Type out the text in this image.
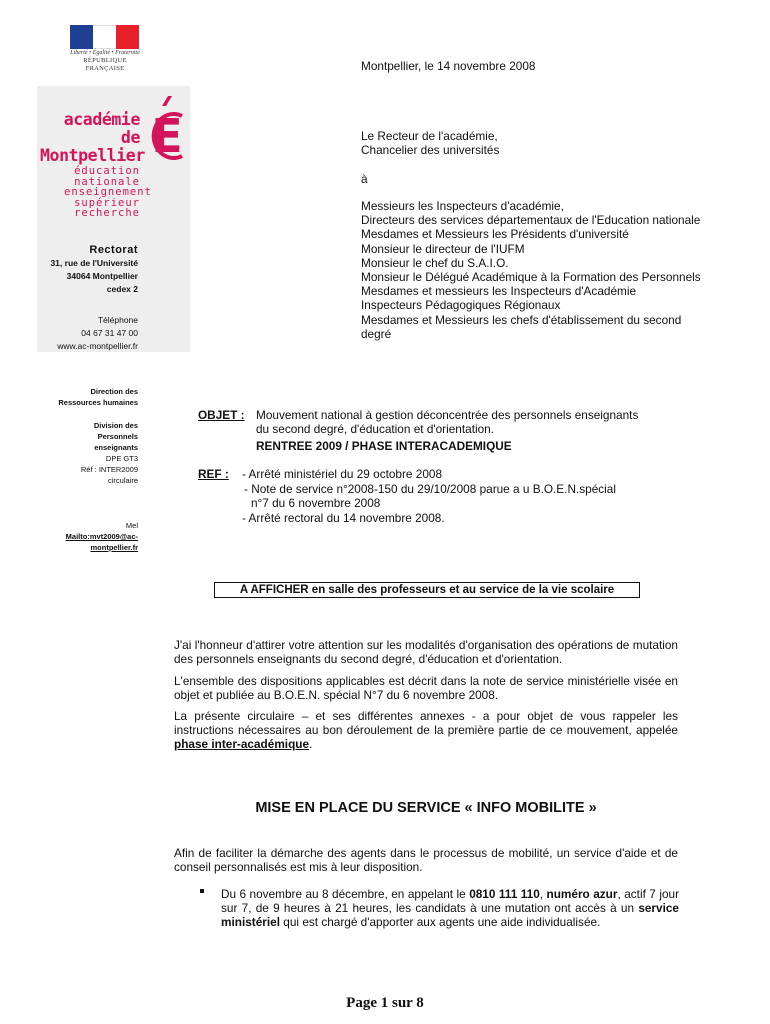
Liberté • Égalité • Fraternité
RÉPUBLIQUE FRANÇAISE
académie
de Montpellier E
éducation
nationale
enseignement
supérieur
recherche
Rectorat
31, rue de l'Université
34064 Montpellier
cedex 2
Téléphone
04 67 31 47 00
www.ac-montpellier.fr
Direction des
Ressources humaines
Division des
Personnels
enseignants
DPE GT3
Réf : INTER2009
circulaire
Mel
Mailto:mvt2009@ac-
montpellier.fr
Montpellier, le 14 novembre 2008
Le Recteur de l'académie,
Chancelier des universités
à
Messieurs les Inspecteurs d'académie,
Directeurs des services départementaux de l'Education nationale
Mesdames et Messieurs les Présidents d'université
Monsieur le directeur de l'IUFM
Monsieur le chef du S.A.I.O.
Monsieur le Délégué Académique à la Formation des Personnels
Mesdames et messieurs les Inspecteurs d'Académie
Inspecteurs Pédagogiques Régionaux
Mesdames et Messieurs les chefs d'établissement du second
degré
OBJET : Mouvement national à gestion déconcentrée des personnels enseignants
du second degré, d'éducation et d'orientation.
RENTREE 2009 / PHASE INTERACADEMIQUE
REF : - Arrêté ministériel du 29 octobre 2008
- Note de service n°2008-150 du 29/10/2008 parue a u B.O.E.N.spécial
n°7 du 6 novembre 2008
- Arrêté rectoral du 14 novembre 2008.
A AFFICHER en salle des professeurs et au service de la vie scolaire
J'ai l'honneur d'attirer votre attention sur les modalités d'organisation des opérations de mutation des personnels enseignants du second degré, d'éducation et d'orientation.
L'ensemble des dispositions applicables est décrit dans la note de service ministérielle visée en objet et publiée au B.O.E.N. spécial N°7 du 6 novembre 2008.
La présente circulaire – et ses différentes annexes - a pour objet de vous rappeler les instructions nécessaires au bon déroulement de la première partie de ce mouvement, appelée phase inter-académique.
MISE EN PLACE DU SERVICE « INFO MOBILITE »
Afin de faciliter la démarche des agents dans le processus de mobilité, un service d'aide et de conseil personnalisés est mis à leur disposition.
Du 6 novembre au 8 décembre, en appelant le 0810 111 110, numéro azur, actif 7 jour sur 7, de 9 heures à 21 heures, les candidats à une mutation ont accès à un service ministériel qui est chargé d'apporter aux agents une aide individualisée.
Page 1 sur 8
